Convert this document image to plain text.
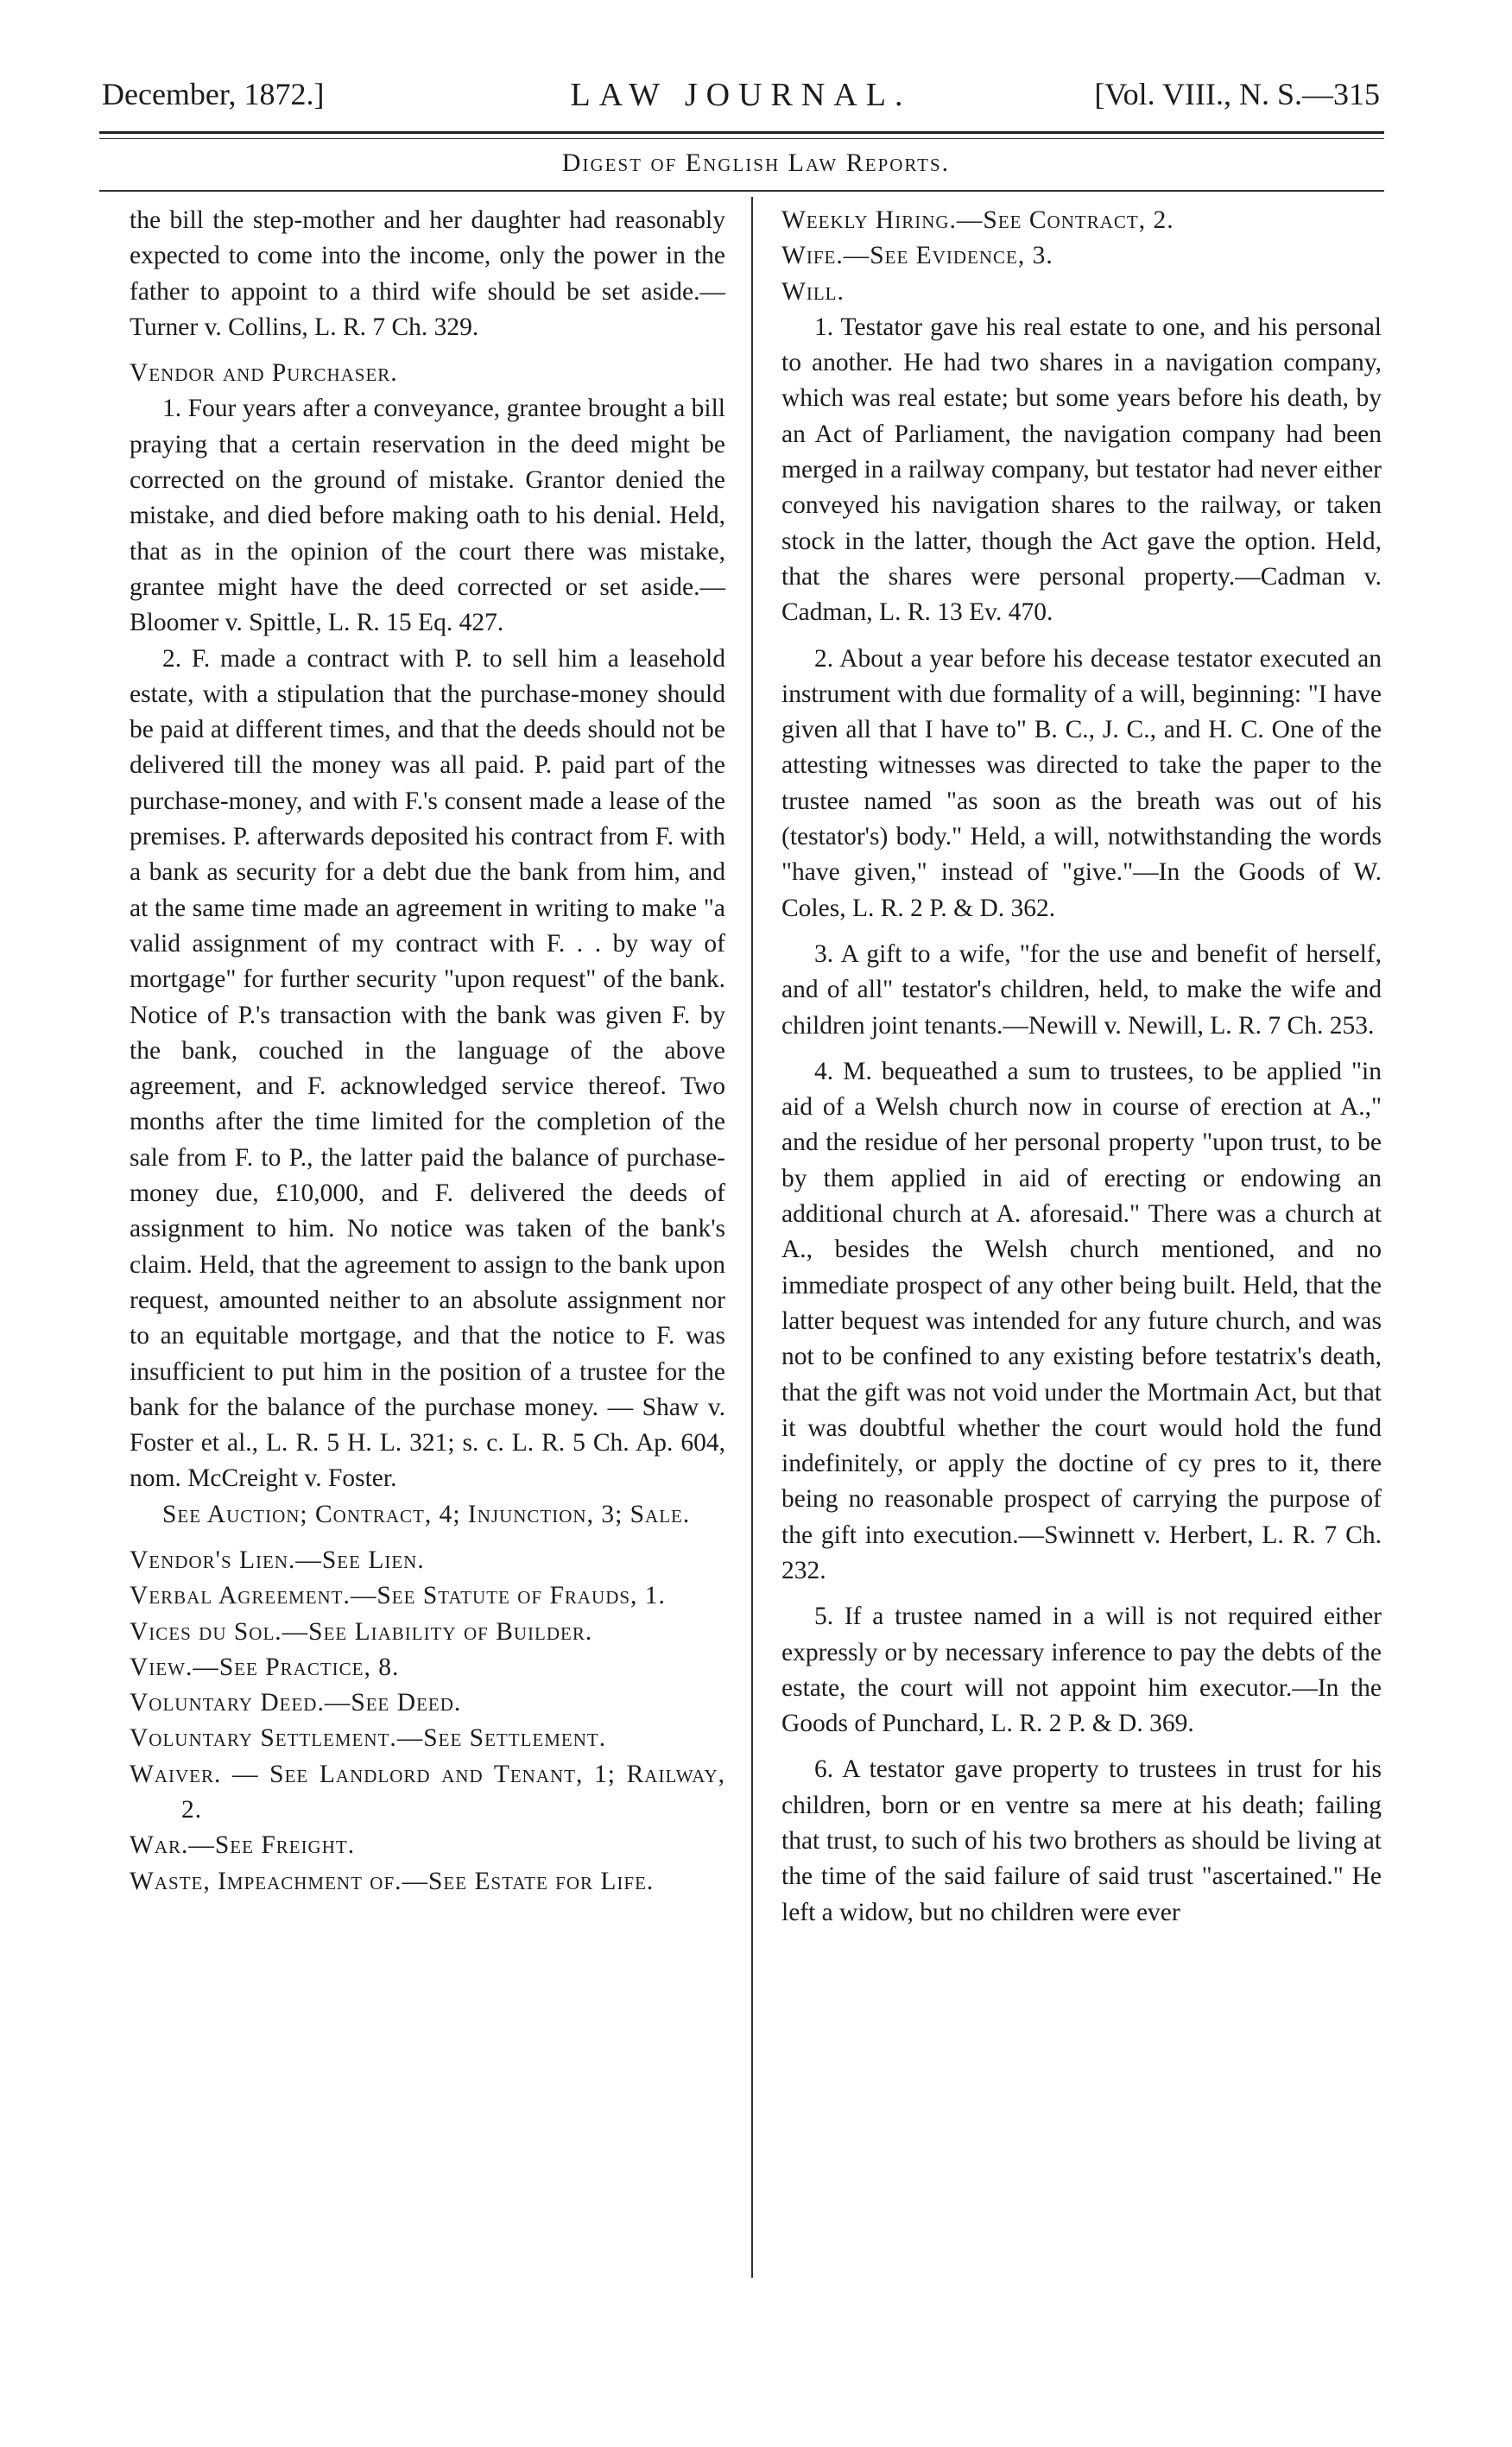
December, 1872.]	LAW JOURNAL.	[Vol. VIII., N. S.—315
Digest of English Law Reports.

the bill the step-mother and her daughter had reasonably expected to come into the income, only the power in the father to appoint to a third wife should be set aside.—Turner v. Collins, L. R. 7 Ch. 329.

Vendor and Purchaser.

1. Four years after a conveyance, grantee brought a bill praying that a certain reservation in the deed might be corrected on the ground of mistake. Grantor denied the mistake, and died before making oath to his denial. Held, that as in the opinion of the court there was mistake, grantee might have the deed corrected or set aside.—Bloomer v. Spittle, L. R. 15 Eq. 427.

2. F. made a contract with P. to sell him a leasehold estate, with a stipulation that the purchase-money should be paid at different times, and that the deeds should not be delivered till the money was all paid. P. paid part of the purchase-money, and with F.'s consent made a lease of the premises. P. afterwards deposited his contract from F. with a bank as security for a debt due the bank from him, and at the same time made an agreement in writing to make "a valid assignment of my contract with F. . . by way of mortgage" for further security "upon request" of the bank. Notice of P.'s transaction with the bank was given F. by the bank, couched in the language of the above agreement, and F. acknowledged service thereof. Two months after the time limited for the completion of the sale from F. to P., the latter paid the balance of purchase-money due, £10,000, and F. delivered the deeds of assignment to him. No notice was taken of the bank's claim. Held, that the agreement to assign to the bank upon request, amounted neither to an absolute assignment nor to an equitable mortgage, and that the notice to F. was insufficient to put him in the position of a trustee for the bank for the balance of the purchase money. — Shaw v. Foster et al., L. R. 5 H. L. 321; s. c. L. R. 5 Ch. Ap. 604, nom. McCreight v. Foster.

See Auction; Contract, 4; Injunction, 3; Sale.

Vendor's Lien.—See Lien.

Verbal Agreement.—See Statute of Frauds, 1.

Vices du Sol.—See Liability of Builder.

View.—See Practice, 8.

Voluntary Deed.—See Deed.

Voluntary Settlement.—See Settlement.

Waiver. — See Landlord and Tenant, 1; Railway, 2.

War.—See Freight.

Waste, Impeachment of.—See Estate for Life.

Weekly Hiring.—See Contract, 2.

Wife.—See Evidence, 3.

Will.

1. Testator gave his real estate to one, and his personal to another. He had two shares in a navigation company, which was real estate; but some years before his death, by an Act of Parliament, the navigation company had been merged in a railway company, but testator had never either conveyed his navigation shares to the railway, or taken stock in the latter, though the Act gave the option. Held, that the shares were personal property.—Cadman v. Cadman, L. R. 13 Ev. 470.

2. About a year before his decease testator executed an instrument with due formality of a will, beginning: "I have given all that I have to" B. C., J. C., and H. C. One of the attesting witnesses was directed to take the paper to the trustee named "as soon as the breath was out of his (testator's) body." Held, a will, notwithstanding the words "have given," instead of "give."—In the Goods of W. Coles, L. R. 2 P. & D. 362.

3. A gift to a wife, "for the use and benefit of herself, and of all" testator's children, held, to make the wife and children joint tenants.—Newill v. Newill, L. R. 7 Ch. 253.

4. M. bequeathed a sum to trustees, to be applied "in aid of a Welsh church now in course of erection at A.," and the residue of her personal property "upon trust, to be by them applied in aid of erecting or endowing an additional church at A. aforesaid." There was a church at A., besides the Welsh church mentioned, and no immediate prospect of any other being built. Held, that the latter bequest was intended for any future church, and was not to be confined to any existing before testatrix's death, that the gift was not void under the Mortmain Act, but that it was doubtful whether the court would hold the fund indefinitely, or apply the doctine of cy pres to it, there being no reasonable prospect of carrying the purpose of the gift into execution.—Swinnett v. Herbert, L. R. 7 Ch. 232.

5. If a trustee named in a will is not required either expressly or by necessary inference to pay the debts of the estate, the court will not appoint him executor.—In the Goods of Punchard, L. R. 2 P. & D. 369.

6. A testator gave property to trustees in trust for his children, born or en ventre sa mere at his death; failing that trust, to such of his two brothers as should be living at the time of the said failure of said trust "ascertained." He left a widow, but no children were ever
